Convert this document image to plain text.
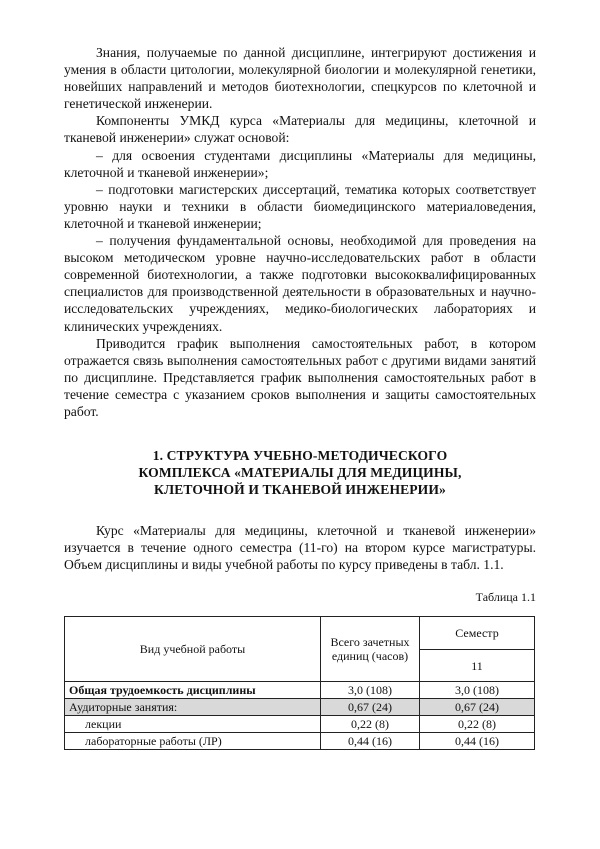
Знания, получаемые по данной дисциплине, интегрируют достижения и умения в области цитологии, молекулярной биологии и молекулярной генетики, новейших направлений и методов биотехнологии, спецкурсов по клеточной и генетической инженерии.

Компоненты УМКД курса «Материалы для медицины, клеточной и тканевой инженерии» служат основой:

– для освоения студентами дисциплины «Материалы для медицины, клеточной и тканевой инженерии»;

– подготовки магистерских диссертаций, тематика которых соответствует уровню науки и техники в области биомедицинского материаловедения, клеточной и тканевой инженерии;

– получения фундаментальной основы, необходимой для проведения на высоком методическом уровне научно-исследовательских работ в области современной биотехнологии, а также подготовки высококвалифицированных специалистов для производственной деятельности в образовательных и научно-исследовательских учреждениях, медико-биологических лабораториях и клинических учреждениях.

Приводится график выполнения самостоятельных работ, в котором отражается связь выполнения самостоятельных работ с другими видами занятий по дисциплине. Представляется график выполнения самостоятельных работ в течение семестра с указанием сроков выполнения и защиты самостоятельных работ.

1. СТРУКТУРА УЧЕБНО-МЕТОДИЧЕСКОГО
КОМПЛЕКСА «МАТЕРИАЛЫ ДЛЯ МЕДИЦИНЫ,
КЛЕТОЧНОЙ И ТКАНЕВОЙ ИНЖЕНЕРИИ»

Курс «Материалы для медицины, клеточной и тканевой инженерии» изучается в течение одного семестра (11-го) на втором курсе магистратуры. Объем дисциплины и виды учебной работы по курсу приведены в табл. 1.1.

Таблица 1.1
Вид учебной работы	Всего зачетных единиц (часов)	Семестр
		11
Общая трудоемкость дисциплины	3,0 (108)	3,0 (108)
Аудиторные занятия:	0,67 (24)	0,67 (24)
лекции	0,22 (8)	0,22 (8)
лабораторные работы (ЛР)	0,44 (16)	0,44 (16)
